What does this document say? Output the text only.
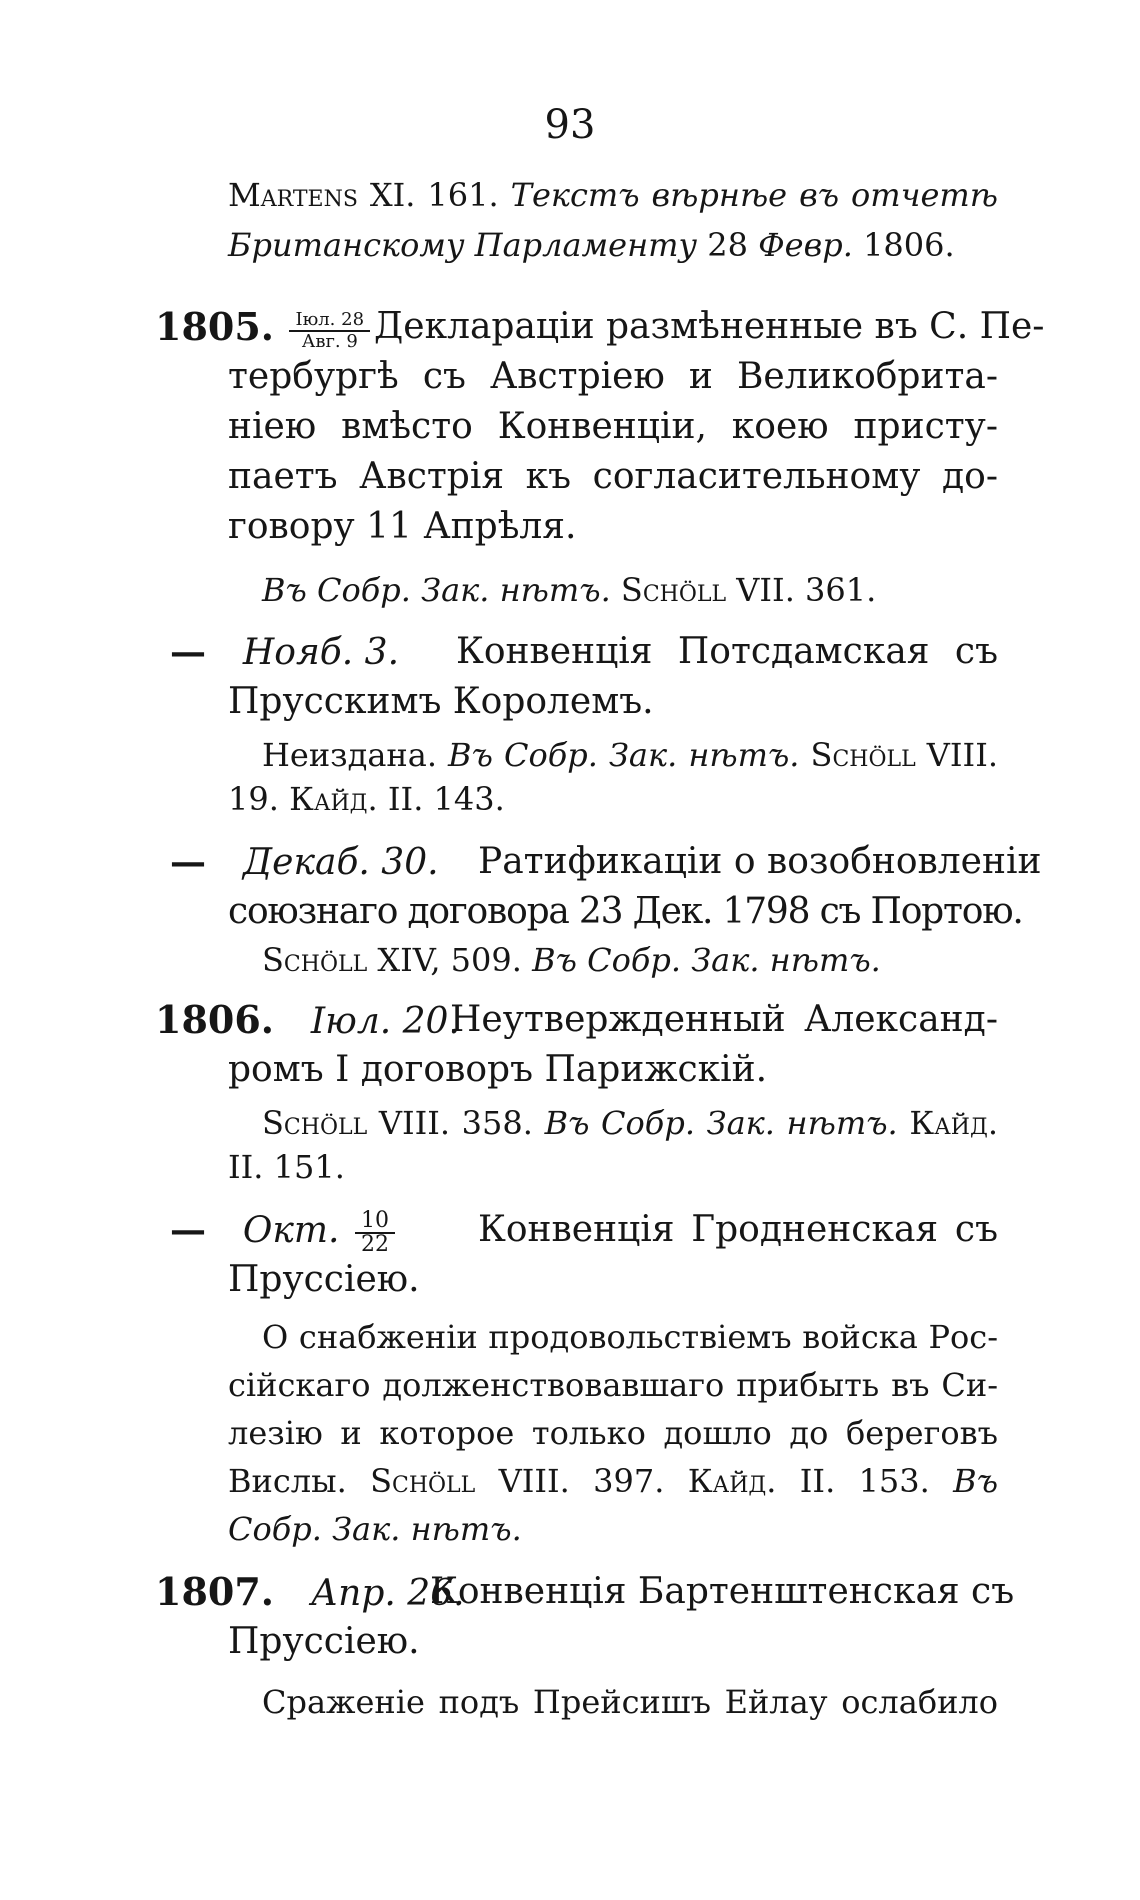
93
Martens XI. 161. Текстъ вѣрнѣе въ отчетѣ
Британскому Парламенту 28 Февр. 1806.
1805. $\frac{\text{Іюл. 28}}{\text{Авг. 9}}$ Декларацiи размѣненные въ С. Пе-
тербургѣ съ Австрiею и Великобрита-
нiею вмѣсто Конвенцiи, коею присту-
паетъ Австрiя къ согласительному до-
говору 11 Апрѣля.
Въ Собр. Зак. нѣтъ. Schöll VII. 361.
— Нояб. 3. Конвенцiя Потсдамская съ
Прусскимъ Королемъ.
Неиздана. Въ Собр. Зак. нѣтъ. Schöll VIII.
19. Кайд. II. 143.
— Декаб. 30. Ратификацiи о возобновленiи
союзнаго договора 23 Дек. 1798 съ Портою.
Schöll XIV, 509. Въ Собр. Зак. нѣтъ.
1806. Іюл. 20.
Неутвержденный Александ-
ромъ I договоръ Парижскiй.
Schöll VIII. 358. Въ Собр. Зак. нѣтъ. Кайд.
II. 151.
— Окт. $\frac{10}{22}$ Конвенцiя Гродненская съ
Пруссiею.
О снабженiи продовольствiемъ войска Рос-
сiйскаго долженствовавшаго прибыть въ Си-
лезiю и которое только дошло до береговъ
Вислы. Schöll VIII. 397. Кайд. II. 153. Въ
Собр. Зак. нѣтъ.
1807. Апр. 26.
Конвенцiя Бартенштенская съ
Пруссiею.
Сраженiе подъ Прейсишъ Ейлау ослабило
